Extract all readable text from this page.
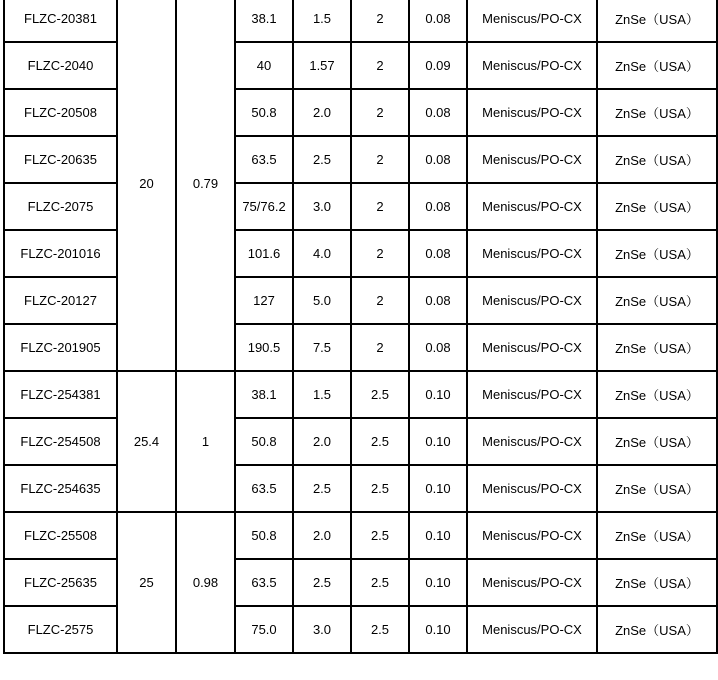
FLZC-20381	20	0.79	38.1	1.5	2	0.08	Meniscus/PO-CX	ZnSe（USA）
FLZC-2040			40	1.57	2	0.09	Meniscus/PO-CX	ZnSe（USA）
FLZC-20508			50.8	2.0	2	0.08	Meniscus/PO-CX	ZnSe（USA）
FLZC-20635			63.5	2.5	2	0.08	Meniscus/PO-CX	ZnSe（USA）
FLZC-2075			75/76.2	3.0	2	0.08	Meniscus/PO-CX	ZnSe（USA）
FLZC-201016			101.6	4.0	2	0.08	Meniscus/PO-CX	ZnSe（USA）
FLZC-20127			127	5.0	2	0.08	Meniscus/PO-CX	ZnSe（USA）
FLZC-201905			190.5	7.5	2	0.08	Meniscus/PO-CX	ZnSe（USA）
FLZC-254381	25.4	1	38.1	1.5	2.5	0.10	Meniscus/PO-CX	ZnSe（USA）
FLZC-254508			50.8	2.0	2.5	0.10	Meniscus/PO-CX	ZnSe（USA）
FLZC-254635			63.5	2.5	2.5	0.10	Meniscus/PO-CX	ZnSe（USA）
FLZC-25508	25	0.98	50.8	2.0	2.5	0.10	Meniscus/PO-CX	ZnSe（USA）
FLZC-25635			63.5	2.5	2.5	0.10	Meniscus/PO-CX	ZnSe（USA）
FLZC-2575			75.0	3.0	2.5	0.10	Meniscus/PO-CX	ZnSe（USA）
